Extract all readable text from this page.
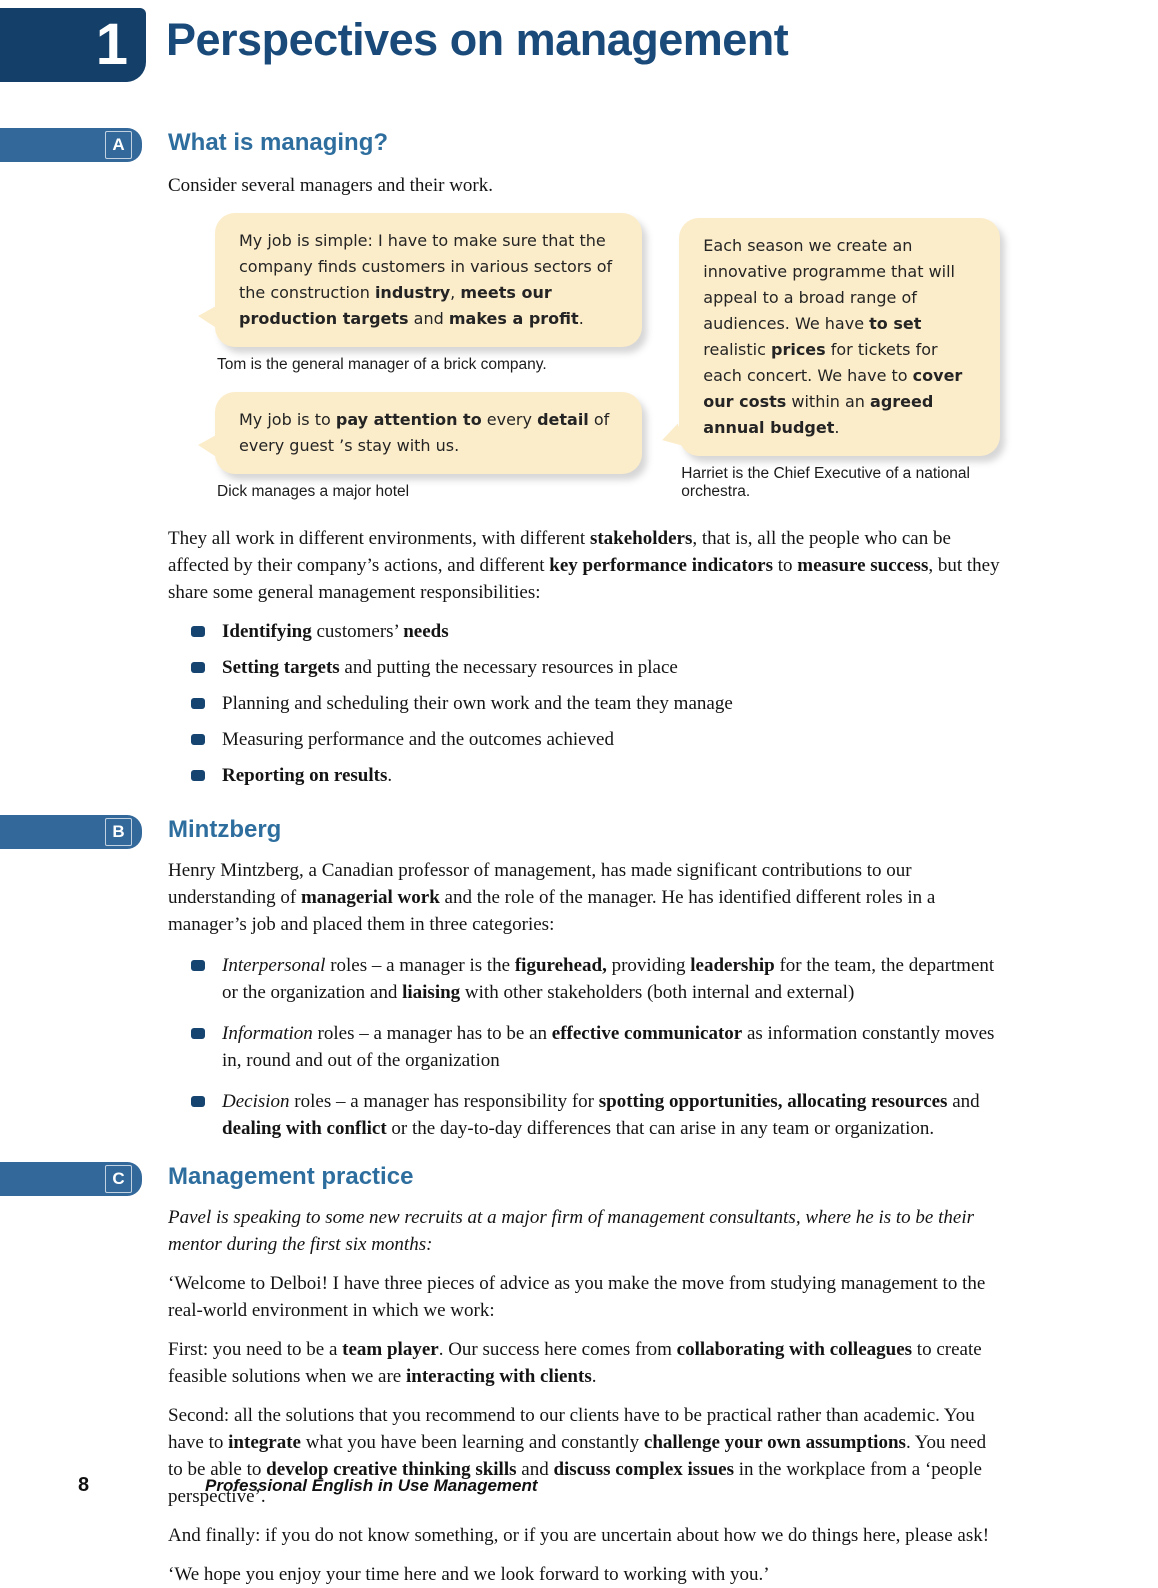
1 Perspectives on management
A	What is managing?

Consider several managers and their work.

My job is simple: I have to make sure that the company finds customers in various sectors of the construction industry, meets our production targets and makes a profit.

Tom is the general manager of a brick company.

My job is to pay attention to every detail of every guest ’s stay with us.

Dick manages a major hotel

Each season we create an innovative programme that will appeal to a broad range of audiences. We have to set realistic prices for tickets for each concert. We have to cover our costs within an agreed annual budget.

Harriet is the Chief Executive of a national orchestra.

They all work in different environments, with different stakeholders, that is, all the people who can be affected by their company’s actions, and different key performance indicators to measure success, but they share some general management responsibilities:

Identifying customers’ needs
Setting targets and putting the necessary resources in place
Planning and scheduling their own work and the team they manage
Measuring performance and the outcomes achieved
Reporting on results.
B	Mintzberg

Henry Mintzberg, a Canadian professor of management, has made significant contributions to our understanding of managerial work and the role of the manager. He has identified different roles in a manager’s job and placed them in three categories:

Interpersonal roles – a manager is the figurehead, providing leadership for the team, the department or the organization and liaising with other stakeholders (both internal and external)
Information roles – a manager has to be an effective communicator as information constantly moves in, round and out of the organization
Decision roles – a manager has responsibility for spotting opportunities, allocating resources and dealing with conflict or the day-to-day differences that can arise in any team or organization.
C	Management practice

Pavel is speaking to some new recruits at a major firm of management consultants, where he is to be their mentor during the first six months:

‘Welcome to Delboi! I have three pieces of advice as you make the move from studying management to the real-world environment in which we work:

First: you need to be a team player. Our success here comes from collaborating with colleagues to create feasible solutions when we are interacting with clients.

Second: all the solutions that you recommend to our clients have to be practical rather than academic. You have to integrate what you have been learning and constantly challenge your own assumptions. You need to be able to develop creative thinking skills and discuss complex issues in the workplace from a ‘people perspective’.

And finally: if you do not know something, or if you are uncertain about how we do things here, please ask!

‘We hope you enjoy your time here and we look forward to working with you.’

8	Professional English in Use Management
